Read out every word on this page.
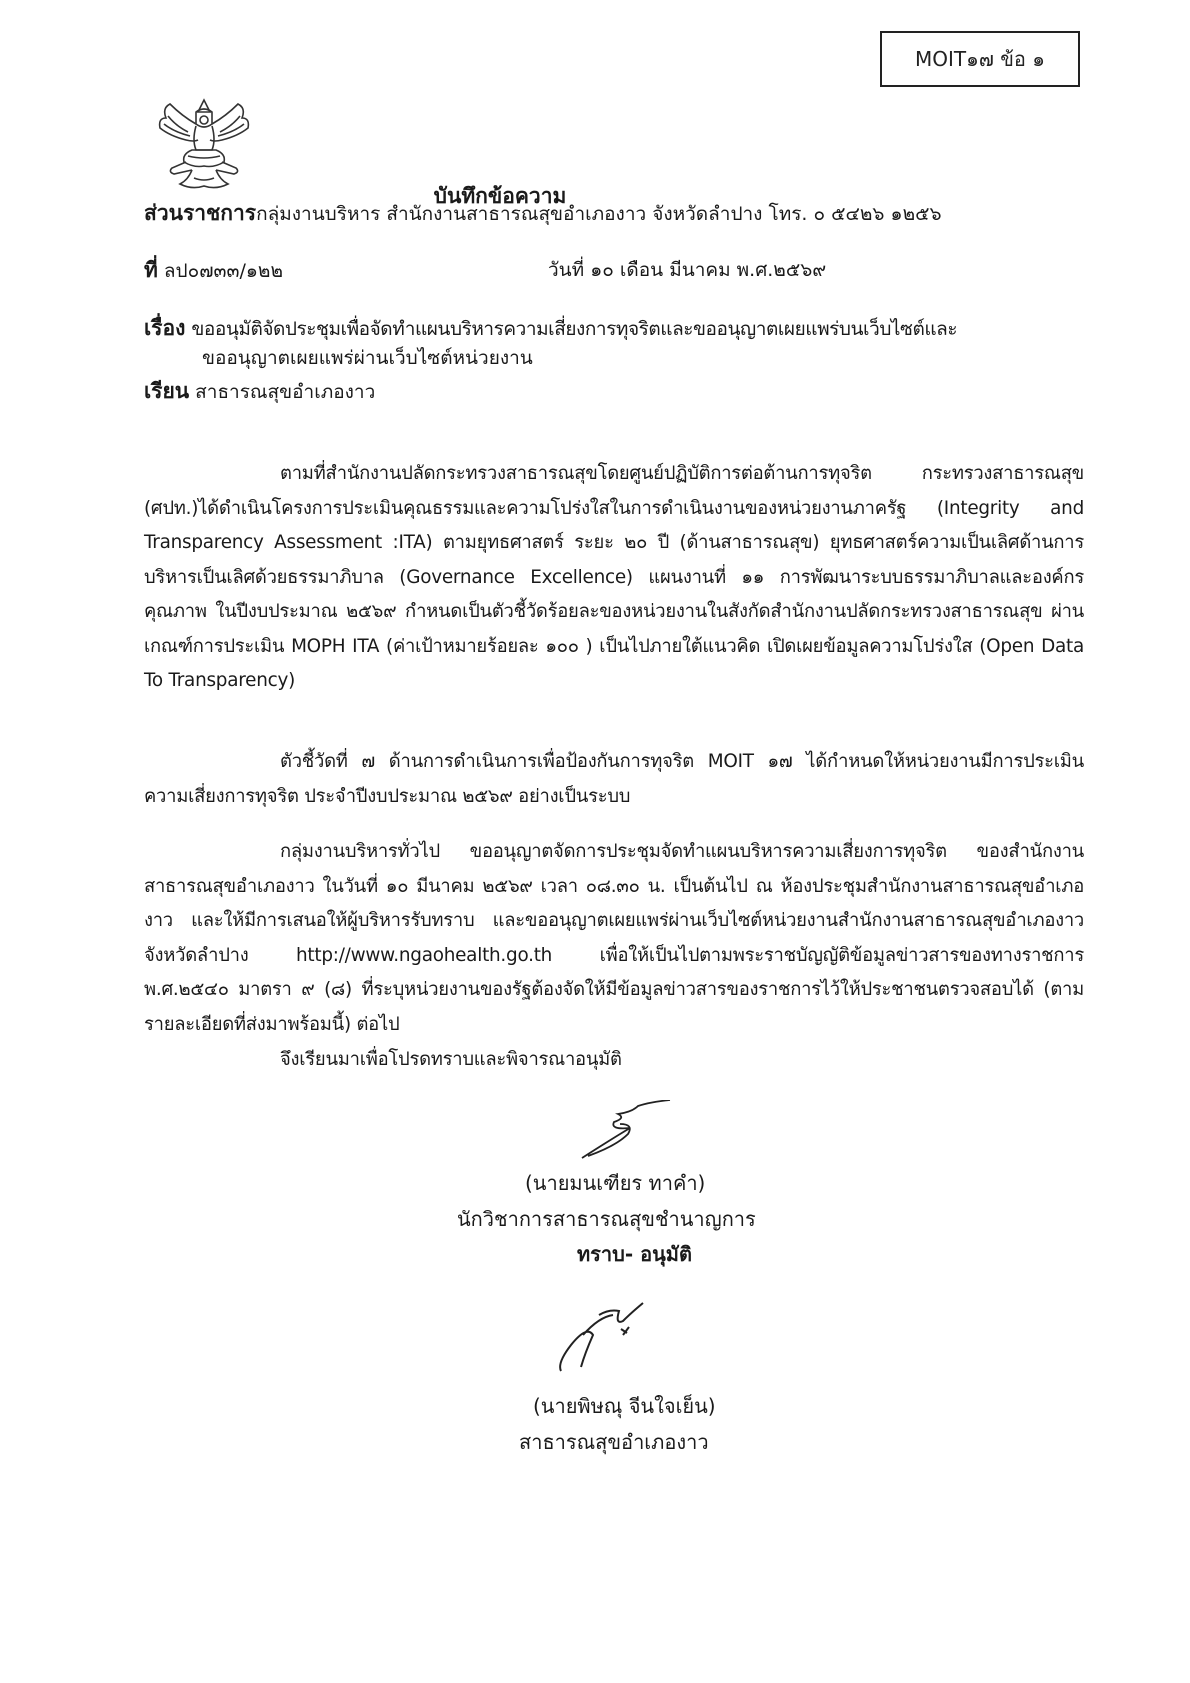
MOIT๑๗ ข้อ ๑
บันทึกข้อความ
ส่วนราชการกลุ่มงานบริหาร สำนักงานสาธารณสุขอำเภองาว จังหวัดลำปาง โทร. ๐ ๕๔๒๖ ๑๒๕๖
ที่ ลป๐๗๓๓/๑๒๒	วันที่ ๑๐ เดือน มีนาคม พ.ศ.๒๕๖๙
เรื่อง ขออนุมัติจัดประชุมเพื่อจัดทำแผนบริหารความเสี่ยงการทุจริตและขออนุญาตเผยแพร่บนเว็บไซต์และ
ขออนุญาตเผยแพร่ผ่านเว็บไซต์หน่วยงาน
เรียน สาธารณสุขอำเภองาว
ตามที่สำนักงานปลัดกระทรวงสาธารณสุขโดยศูนย์ปฏิบัติการต่อต้านการทุจริต กระทรวงสาธารณสุข (ศปท.)ได้ดำเนินโครงการประเมินคุณธรรมและความโปร่งใสในการดำเนินงานของหน่วยงานภาครัฐ (Integrity and Transparency Assessment :ITA) ตามยุทธศาสตร์ ระยะ ๒๐ ปี (ด้านสาธารณสุข) ยุทธศาสตร์ความเป็นเลิศด้านการบริหารเป็นเลิศด้วยธรรมาภิบาล (Governance Excellence) แผนงานที่ ๑๑ การพัฒนาระบบธรรมาภิบาลและองค์กรคุณภาพ ในปีงบประมาณ ๒๕๖๙ กำหนดเป็นตัวชี้วัดร้อยละของหน่วยงานในสังกัดสำนักงานปลัดกระทรวงสาธารณสุข ผ่านเกณฑ์การประเมิน MOPH ITA (ค่าเป้าหมายร้อยละ ๑๐๐ ) เป็นไปภายใต้แนวคิด เปิดเผยข้อมูลความโปร่งใส (Open Data To Transparency)
ตัวชี้วัดที่ ๗ ด้านการดำเนินการเพื่อป้องกันการทุจริต MOIT ๑๗ ได้กำหนดให้หน่วยงานมีการประเมินความเสี่ยงการทุจริต ประจำปีงบประมาณ ๒๕๖๙ อย่างเป็นระบบ
กลุ่มงานบริหารทั่วไป ขออนุญาตจัดการประชุมจัดทำแผนบริหารความเสี่ยงการทุจริต ของสำนักงานสาธารณสุขอำเภองาว ในวันที่ ๑๐ มีนาคม ๒๕๖๙ เวลา ๐๘.๓๐ น. เป็นต้นไป ณ ห้องประชุมสำนักงานสาธารณสุขอำเภองาว และให้มีการเสนอให้ผู้บริหารรับทราบ และขออนุญาตเผยแพร่ผ่านเว็บไซต์หน่วยงานสำนักงานสาธารณสุขอำเภองาว จังหวัดลำปาง http://www.ngaohealth.go.th เพื่อให้เป็นไปตามพระราชบัญญัติข้อมูลข่าวสารของทางราชการ พ.ศ.๒๕๔๐ มาตรา ๙ (๘) ที่ระบุหน่วยงานของรัฐต้องจัดให้มีข้อมูลข่าวสารของราชการไว้ให้ประชาชนตรวจสอบได้ (ตามรายละเอียดที่ส่งมาพร้อมนี้) ต่อไป
จึงเรียนมาเพื่อโปรดทราบและพิจารณาอนุมัติ
(นายมนเฑียร ทาคำ)
นักวิชาการสาธารณสุขชำนาญการ
ทราบ- อนุมัติ
(นายพิษณุ จีนใจเย็น)
สาธารณสุขอำเภองาว
